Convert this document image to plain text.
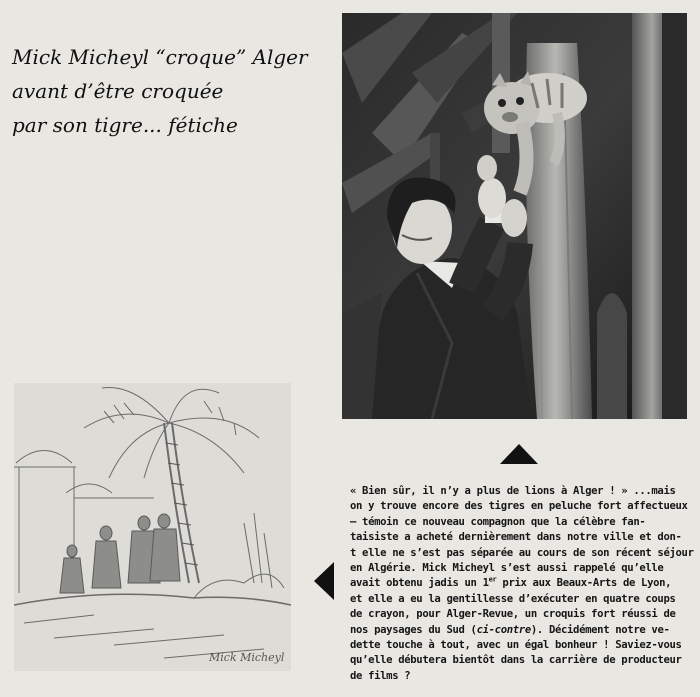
Mick Micheyl “croque” Alger
avant d’être croquée
par son tigre... fétiche
Mick Micheyl
« Bien sûr, il n’y a plus de lions à Alger ! » ...mais
on y trouve encore des tigres en peluche fort affectueux
— témoin ce nouveau compagnon que la célèbre fan-
taisiste a acheté dernièrement dans notre ville et don-
t elle ne s’est pas séparée au cours de son récent séjour
en Algérie. Mick Micheyl s’est aussi rappelé qu’elle
avait obtenu jadis un 1er prix aux Beaux-Arts de Lyon,
et elle a eu la gentillesse d’exécuter en quatre coups
de crayon, pour Alger-Revue, un croquis fort réussi de
nos paysages du Sud (ci-contre). Décidément notre ve-
dette touche à tout, avec un égal bonheur ! Saviez-vous
qu’elle débutera bientôt dans la carrière de producteur
de films ?
